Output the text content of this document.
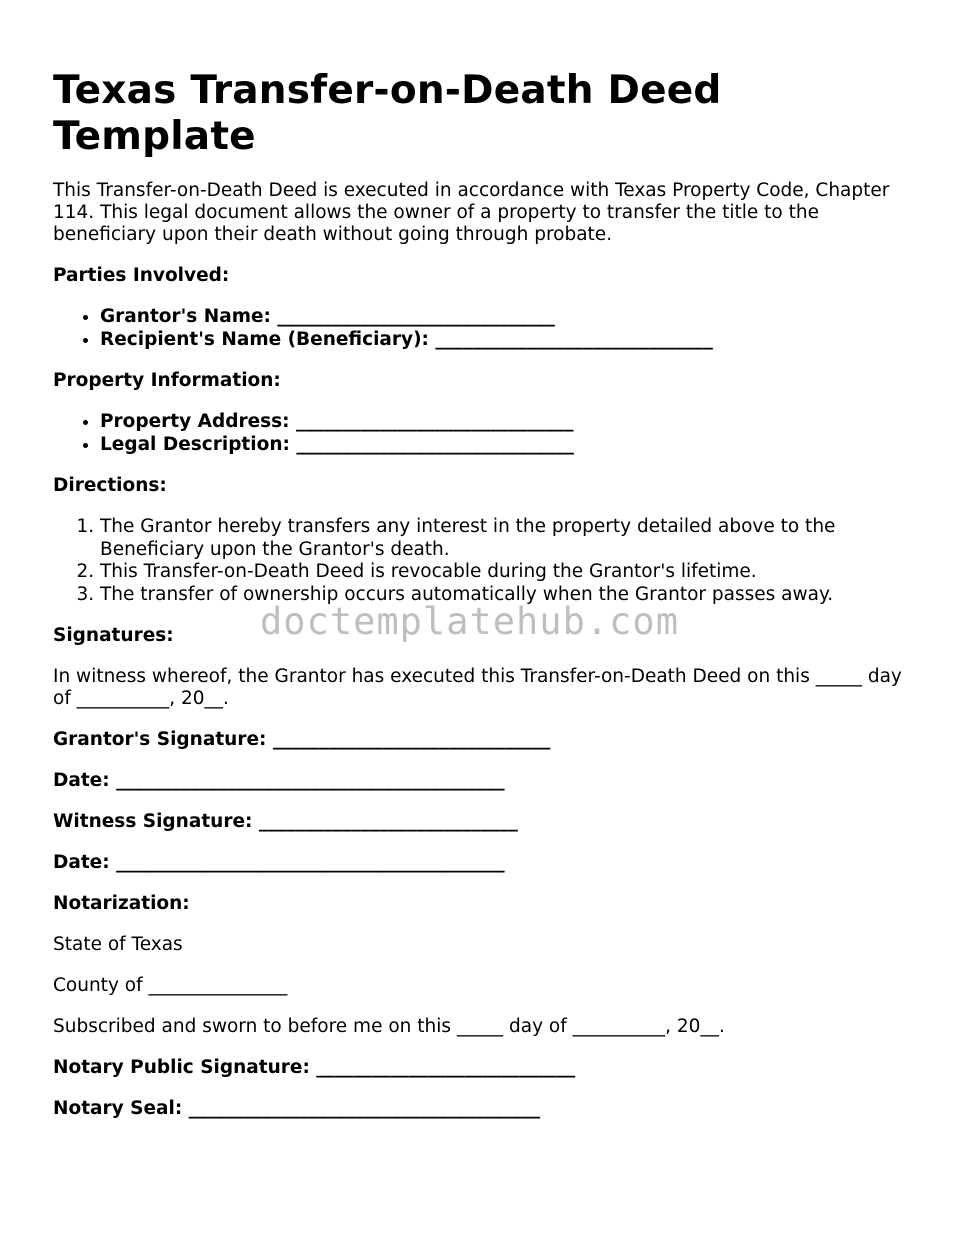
Texas Transfer-on-Death Deed Template

This Transfer-on-Death Deed is executed in accordance with Texas Property Code, Chapter 114. This legal document allows the owner of a property to transfer the title to the beneficiary upon their death without going through probate.

Parties Involved:

• Grantor's Name: ______________________________
• Recipient's Name (Beneficiary): ______________________________

Property Information:

• Property Address: ______________________________
• Legal Description: ______________________________

Directions:

1. The Grantor hereby transfers any interest in the property detailed above to the Beneficiary upon the Grantor's death.
2. This Transfer-on-Death Deed is revocable during the Grantor's lifetime.
3. The transfer of ownership occurs automatically when the Grantor passes away.

Signatures:

In witness whereof, the Grantor has executed this Transfer-on-Death Deed on this _____ day of __________, 20__.

Grantor's Signature: ______________________________

Date: __________________________________________

Witness Signature: ____________________________

Date: __________________________________________

Notarization:

State of Texas

County of _______________

Subscribed and sworn to before me on this _____ day of __________, 20__.

Notary Public Signature: ____________________________

Notary Seal: ______________________________________

doctemplatehub.com
